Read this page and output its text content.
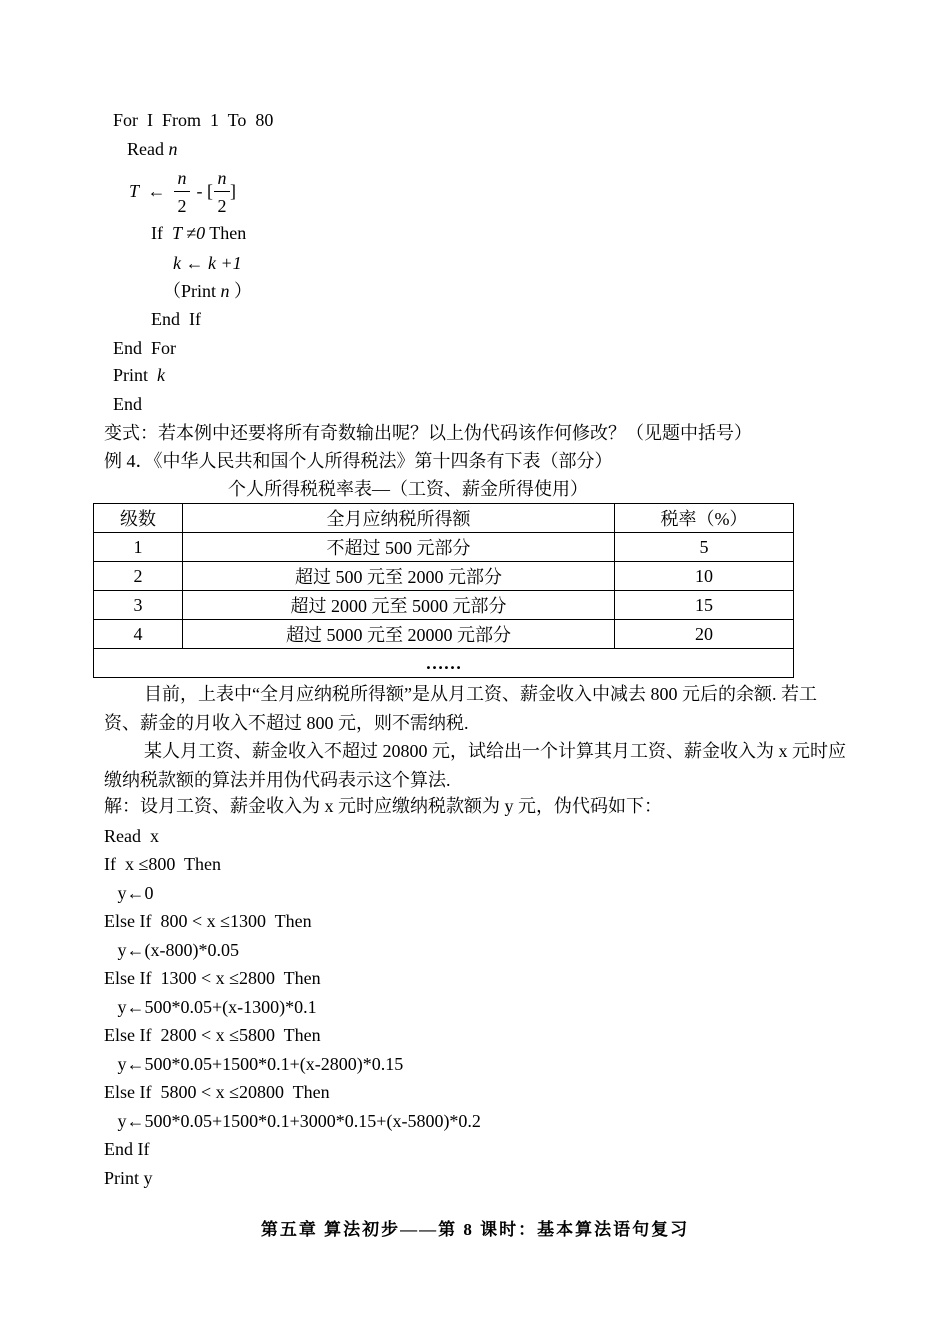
For  I  From  1  To  80
Read n
T ←
n
2
- [
n
2
]
If  T ≠0 Then
k ← k +1
（Print n ）
End  If
End  For
Print  k
End
变式：若本例中还要将所有奇数输出呢？以上伪代码该作何修改？（见题中括号）
例 4．《中华人民共和国个人所得税法》第十四条有下表（部分）
个人所得税税率表—（工资、薪金所得使用）
级数	全月应纳税所得额	税率（%）
1	不超过 500 元部分	5
2	超过 500 元至 2000 元部分	10
3	超过 2000 元至 5000 元部分	15
4	超过 5000 元至 20000 元部分	20
……		
目前，上表中“全月应纳税所得额”是从月工资、薪金收入中减去 800 元后的余额. 若工资、薪金的月收入不超过 800 元，则不需纳税.
某人月工资、薪金收入不超过 20800 元，试给出一个计算其月工资、薪金收入为 x 元时应缴纳税款额的算法并用伪代码表示这个算法.
解：设月工资、薪金收入为 x 元时应缴纳税款额为 y 元，伪代码如下：
Read  x
If  x ≤800  Then
y←0
Else If  800 < x ≤1300  Then
y←(x-800)*0.05
Else If  1300 < x ≤2800  Then
y←500*0.05+(x-1300)*0.1
Else If  2800 < x ≤5800  Then
y←500*0.05+1500*0.1+(x-2800)*0.15
Else If  5800 < x ≤20800  Then
y←500*0.05+1500*0.1+3000*0.15+(x-5800)*0.2
End If
Print y
第五章 算法初步——第 8 课时：基本算法语句复习
